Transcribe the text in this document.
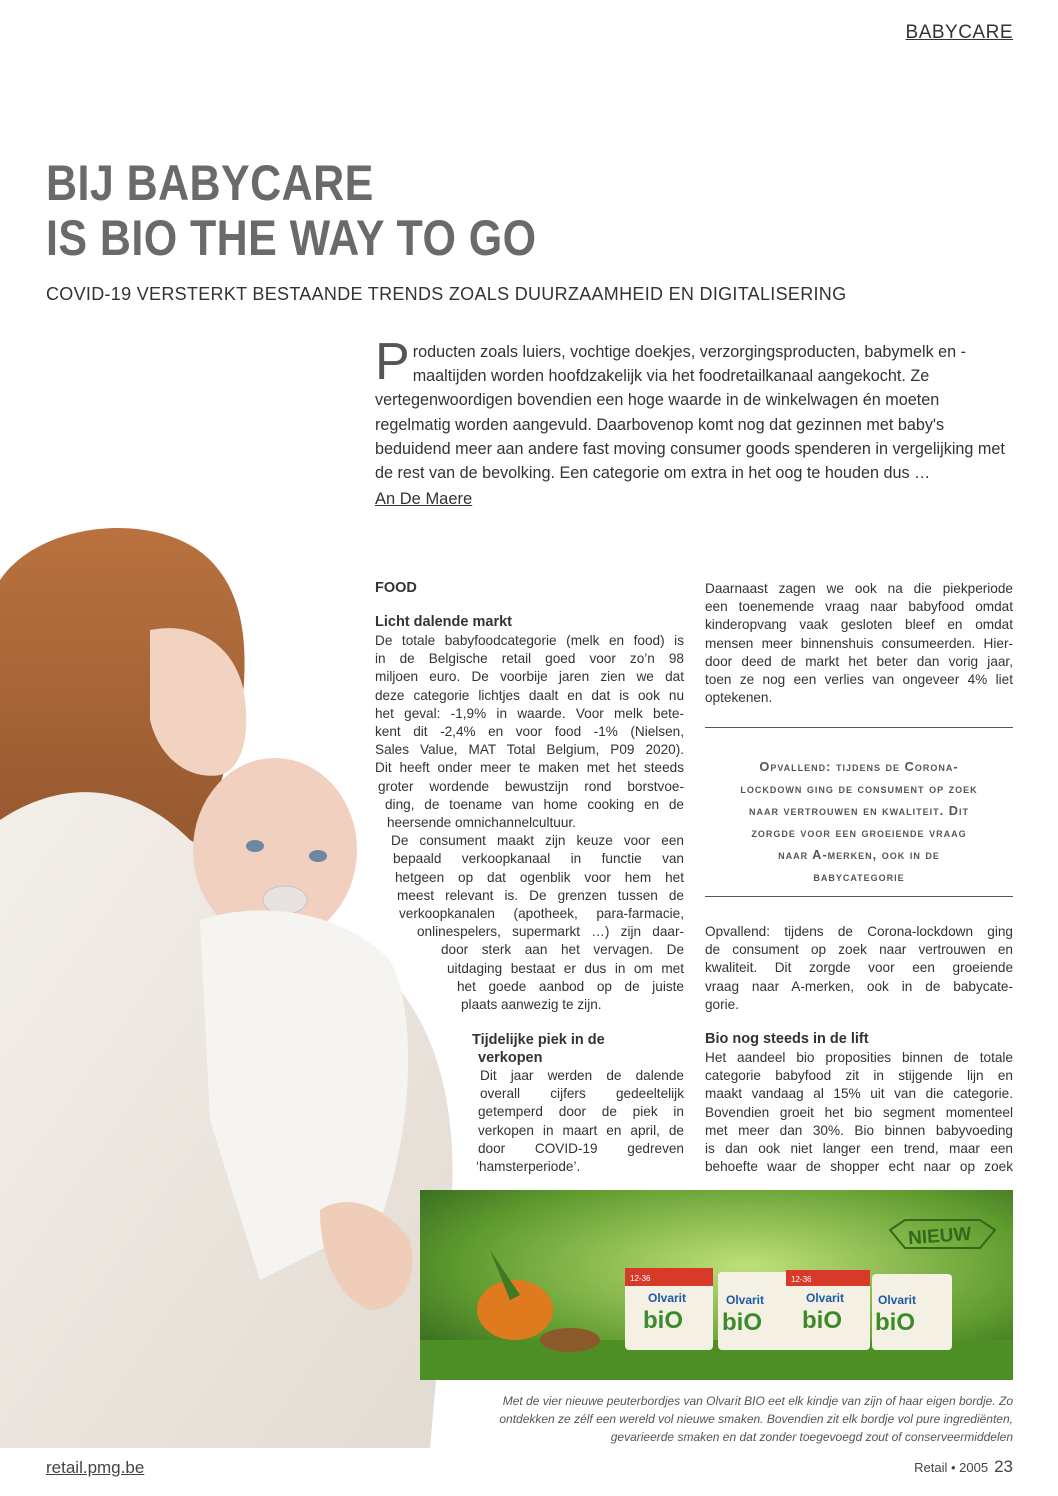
BABYCARE
BIJ BABYCARE
IS BIO THE WAY TO GO
COVID-19 VERSTERKT BESTAANDE TRENDS ZOALS DUURZAAMHEID EN DIGITALISERING
Producten zoals luiers, vochtige doekjes, verzorgingsproducten, babymelk en -maaltijden worden hoofdzakelijk via het foodretailkanaal aangekocht. Ze vertegenwoordigen bovendien een hoge waarde in de winkelwagen én moeten regelmatig worden aangevuld. Daarbovenop komt nog dat gezinnen met baby's beduidend meer aan andere fast moving consumer goods spenderen in vergelijking met de rest van de bevolking. Een categorie om extra in het oog te houden dus …
An De Maere
FOOD
Licht dalende markt
De totale babyfoodcategorie (melk en food) is
in de Belgische retail goed voor zo’n 98
miljoen euro. De voorbije jaren zien we dat
deze categorie lichtjes daalt en dat is ook nu
het geval: -1,9% in waarde. Voor melk bete-
kent dit -2,4% en voor food -1% (Nielsen,
Sales Value, MAT Total Belgium, P09 2020).
Dit heeft onder meer te maken met het steeds
groter wordende bewustzijn rond borstvoe-
ding, de toename van home cooking en de
heersende omnichannelcultuur.
De consument maakt zijn keuze voor een
bepaald verkoopkanaal in functie van
hetgeen op dat ogenblik voor hem het
meest relevant is. De grenzen tussen de
verkoopkanalen (apotheek, para-farmacie,
onlinespelers, supermarkt …) zijn daar-
door sterk aan het vervagen. De
uitdaging bestaat er dus in om met
het goede aanbod op de juiste
plaats aanwezig te zijn.
Tijdelijke piek in de
verkopen
Dit jaar werden de dalende
overall cijfers gedeeltelijk
getemperd door de piek in
verkopen in maart en april, de
door COVID-19 gedreven
‘hamsterperiode’.
Daarnaast zagen we ook na die piekperiode
een toenemende vraag naar babyfood omdat
kinderopvang vaak gesloten bleef en omdat
mensen meer binnenshuis consumeerden. Hier-
door deed de markt het beter dan vorig jaar,
toen ze nog een verlies van ongeveer 4% liet
optekenen.
Opvallend: tijdens de Corona-
lockdown ging de consument op zoek
naar vertrouwen en kwaliteit. Dit
zorgde voor een groeiende vraag
naar A-merken, ook in de
babycategorie
Opvallend: tijdens de Corona-lockdown ging
de consument op zoek naar vertrouwen en
kwaliteit. Dit zorgde voor een groeiende
vraag naar A-merken, ook in de babycate-
gorie.
Bio nog steeds in de lift
Het aandeel bio proposities binnen de totale
categorie babyfood zit in stijgende lijn en
maakt vandaag al 15% uit van die categorie.
Bovendien groeit het bio segment momenteel
met meer dan 30%. Bio binnen babyvoeding
is dan ook niet langer een trend, maar een
behoefte waar de shopper echt naar op zoek
Olvarit
biO
12-36
Olvarit
biO
Olvarit
biO
12-36
Olvarit
biO
NIEUW
Met de vier nieuwe peuterbordjes van Olvarit BIO eet elk kindje van zijn of haar eigen bordje. Zo
ontdekken ze zélf een wereld vol nieuwe smaken. Bovendien zit elk bordje vol pure ingrediënten,
gevarieerde smaken en dat zonder toegevoegd zout of conserveermiddelen
retail.pmg.be	Retail • 2005 23
